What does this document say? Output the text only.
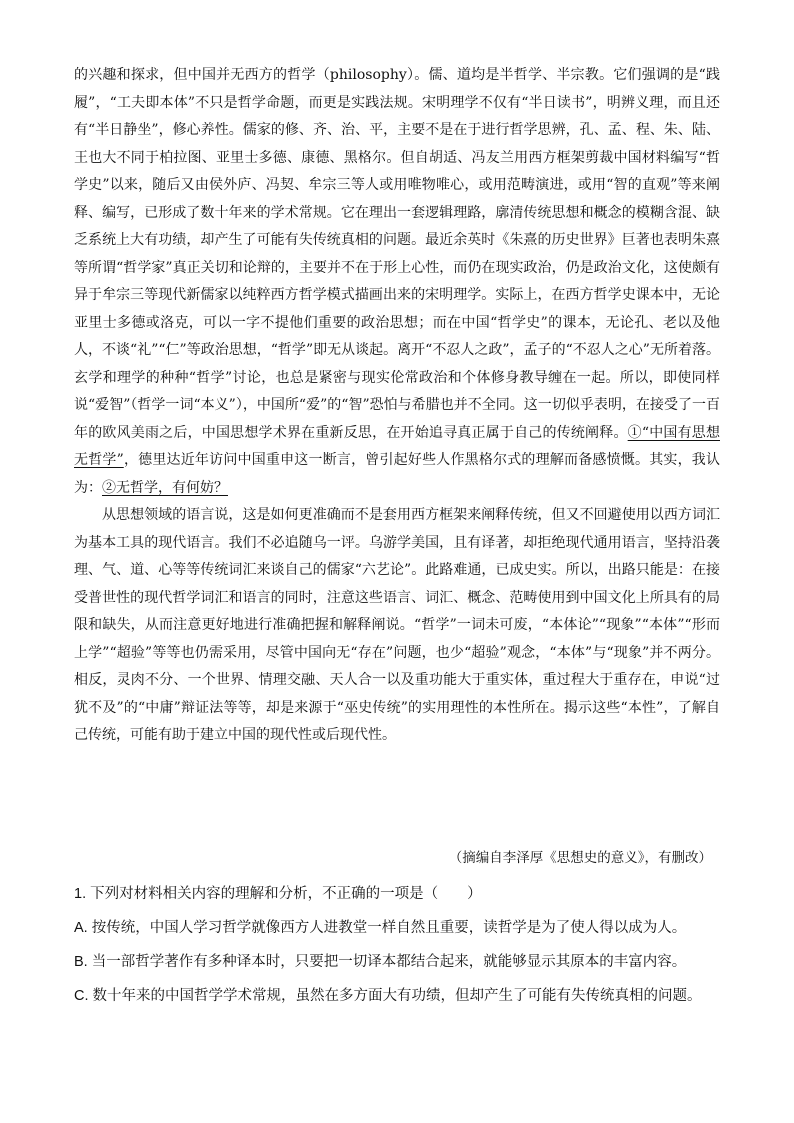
的兴趣和探求，但中国并无西方的哲学（philosophy）。儒、道均是半哲学、半宗教。它们强调的是“践履”，“工夫即本体”不只是哲学命题，而更是实践法规。宋明理学不仅有“半日读书”，明辨义理，而且还有“半日静坐”，修心养性。儒家的修、齐、治、平，主要不是在于进行哲学思辨，孔、孟、程、朱、陆、王也大不同于柏拉图、亚里士多德、康德、黑格尔。但自胡适、冯友兰用西方框架剪裁中国材料编写“哲学史”以来，随后又由侯外庐、冯契、牟宗三等人或用唯物唯心，或用范畴演进，或用“智的直观”等来阐释、编写，已形成了数十年来的学术常规。它在理出一套逻辑理路，廓清传统思想和概念的模糊含混、缺乏系统上大有功绩，却产生了可能有失传统真相的问题。最近余英时《朱熹的历史世界》巨著也表明朱熹等所谓“哲学家”真正关切和论辩的，主要并不在于形上心性，而仍在现实政治，仍是政治文化，这使颇有异于牟宗三等现代新儒家以纯粹西方哲学模式描画出来的宋明理学。实际上，在西方哲学史课本中，无论亚里士多德或洛克，可以一字不提他们重要的政治思想；而在中国“哲学史”的课本，无论孔、老以及他人，不谈“礼”“仁”等政治思想，“哲学”即无从谈起。离开“不忍人之政”，孟子的“不忍人之心”无所着落。玄学和理学的种种“哲学”讨论，也总是紧密与现实伦常政治和个体修身教导缠在一起。所以，即使同样说“爱智”（哲学一词“本义”），中国所“爱”的“智”恐怕与希腊也并不全同。这一切似乎表明，在接受了一百年的欧风美雨之后，中国思想学术界在重新反思，在开始追寻真正属于自己的传统阐释。①“中国有思想无哲学”，德里达近年访问中国重申这一断言，曾引起好些人作黑格尔式的理解而备感愤慨。其实，我认为：②无哲学，有何妨？

从思想领域的语言说，这是如何更准确而不是套用西方框架来阐释传统，但又不回避使用以西方词汇为基本工具的现代语言。我们不必追随乌一评。乌游学美国，且有译著，却拒绝现代通用语言，坚持沿袭理、气、道、心等等传统词汇来谈自己的儒家“六艺论”。此路难通，已成史实。所以，出路只能是：在接受普世性的现代哲学词汇和语言的同时，注意这些语言、词汇、概念、范畴使用到中国文化上所具有的局限和缺失，从而注意更好地进行准确把握和解释阐说。“哲学”一词未可废，“本体论”“现象”“本体”“形而上学”“超验”等等也仍需采用，尽管中国向无“存在”问题，也少“超验”观念，“本体”与“现象”并不两分。相反，灵肉不分、一个世界、情理交融、天人合一以及重功能大于重实体，重过程大于重存在，申说“过犹不及”的“中庸”辩证法等等，却是来源于“巫史传统”的实用理性的本性所在。揭示这些“本性”，了解自己传统，可能有助于建立中国的现代性或后现代性。

（摘编自李泽厚《思想史的意义》，有删改）

1. 下列对材料相关内容的理解和分析，不正确的一项是（　　）

A. 按传统，中国人学习哲学就像西方人进教堂一样自然且重要，读哲学是为了使人得以成为人。

B. 当一部哲学著作有多种译本时，只要把一切译本都结合起来，就能够显示其原本的丰富内容。

C. 数十年来的中国哲学学术常规，虽然在多方面大有功绩，但却产生了可能有失传统真相的问题。
